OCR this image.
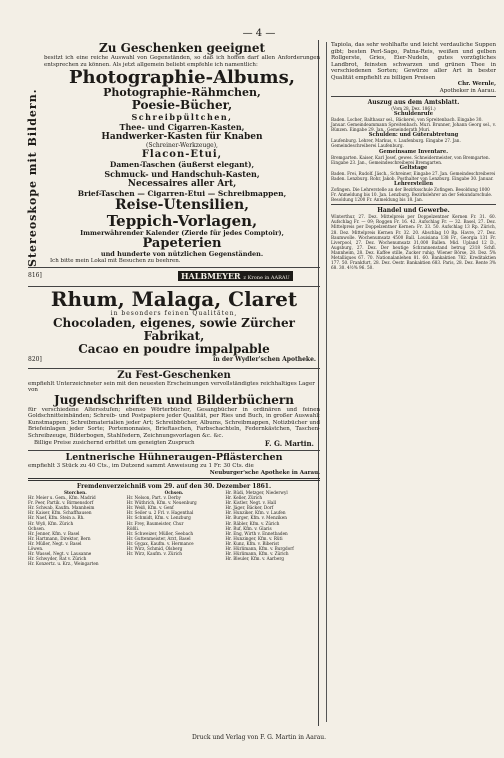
— 4 —
Stereoskope mit Bildern.
Zu Geschenken geeignet
besitzt ich eine reiche Auswahl von Gegenständen, so daß ich hoffen darf allen Anforderungen entsprechen zu können. Als jetzt allgemein beliebt empfehle ich namentlich:
Photographie-Albums,
Photographie-Rähmchen,
Poesie-Bücher,
Schreibpültchen,
Thee- und Cigarren-Kasten,
Handwerker-Kasten für Knaben
(Schreiner-Werkzeuge),
Flacon-Etui,
Damen-Taschen (äußerst elegant),
Schmuck- und Handschuh-Kasten,
Necessaires aller Art,
Brief-Taschen — Cigarren-Etui — Schreibmappen,
Reise-Utensilien,
Teppich-Vorlagen,
Immerwährender Kalender (Zierde für jedes Comptoir),
Papeterien
und hunderte von nützlichen Gegenständen.
Ich bitte mein Lokal mit Besuchen zu beehren.
816]	HALBMEYER z Krone in AARAU
Rhum, Malaga, Claret
in besonders feinen Qualitäten,
Chocoladen, eigenes, sowie Zürcher Fabrikat,
Cacao en poudre impalpable
820]	in der Wydler'schen Apotheke.
Zu Fest-Geschenken
empfiehlt Unterzeichneter sein mit den neuesten Erscheinungen vervollständigtes reichhaltiges Lager von
Jugendschriften und Bilderbüchern
für verschiedene Altersstufen; ebenso Wörterbücher, Gesangbücher in ordinären und feinen Goldschnitteinbänden; Schreib- und Postpapiere jeder Qualität, per Ries und Buch, in großer Auswahl; Kunstmappen; Schreibmaterialien jeder Art; Schreibbücher, Albums, Schreibmappen, Notizbücher und Briefeinlagen jeder Sorte; Portemonnaies, Brieftaschen, Farbschachteln, Federnkästchen, Taschen-Schreibzeuge, Bilderbogen, Stahlfedern, Zeichnungsvorlagen &c. &c.
Billige Preise zusichernd erbittet um geneigten Zuspruch	F. G. Martin.
Lentnerische Hühneraugen-Pflästerchen
empfiehlt 3 Stück zu 40 Cts., im Dutzend sammt Anweisung zu 1 Fr. 30 Cts. die
Neuburger'sche Apotheke in Aarau.
Fremdenverzeichniß vom 29. auf den 30. Dezember 1861.
Storchen.
Hr. Meier u. Gem., Kfm. Madrid
Fr. Peer, Partik. v. Birmensdorf
Hr. Schwab, Kaufm. Mannheim
Hr. Kaiser, Kfm. Schaffhausen
Hr. Naef, Kfm. Stein a. Rh.
Hr. Wyß, Kfm. Zürich
Ochsen.
Hr. Jenner, Kfm. v. Basel
Hr. Hartmann, Direktor, Bern
Hr. Müller, Negt. v. Basel
Löwen.
Hr. Wassel, Negt. v. Lausanne
Hr. Schwyder, Rat v. Zürich
Hr. Konzertz. u. Krz., Weingarten
Ochsen.
Hr. Nelson, Part. v. Derby
Hr. Wüthrich, Kfm. v. Neuenburg
Hr. Weiß, Kfm. v. Genf
Hr. Seiler u. 2 Frl. v. Hagenthal
Hr. Schmidt, Kfm. v. Lenzburg
Hr. Frey, Baumeister, Chur
Rößli.
Hr. Schweizer, Müller, Seebach
Hr. Guttenmeister, Arzt, Basel
Hr. Gygax, Kaufm. v. Hermance
Hr. Wirz, Schmid, Olsberg
Hr. Wirz, Kaufm. v. Zürich
Hr. Rüdi, Metzger, Niederwyl
Hr. Keller, Zürich
Hr. Kistler, Negt. v. Hall
Hr. Jäger, Bäcker, Dorf
Hr. Hunziker, Kfm. v. Laufen
Hr. Burger, Kfm. v. Menziken
Hr. Räbler, Kfm. v. Zürich
Hr. Ruf, Kfm. v. Glaris
Hr. Eng, Wirth v. Ennetbaden
Hr. Hunzinger, Kfm. v. Rüti
Hr. Kunz, Kfm. v. Biberist
Hr. Hürlimann, Kfm. v. Burgdorf
Hr. Hürlimann, Kfm. v. Zürich
Hr. Bleuler, Kfm. v. Aarberg
Tapiola, das sehr wohlhafte und leicht verdauliche Suppen gibt; besten Perl-Sago, Patna-Reis, weißen und gelben Rollgerste, Gries, Eier-Nudeln, gutes vorzügliches Landbrot, feinsten schwarzen und grünen Thee in verschiedenen Sorten; Gewürze aller Art in bester Qualität empfiehlt zu billigen Preisen
Chr. Wernle,
Apotheker in Aarau.
Auszug aus dem Amtsblatt.
(Vom 28. Dez. 1861.)
Schuldenrufe
Baden. Locher, Balthasar sel., Bäckerei, von Spreitenbach. Eingabe 30. Januar. Gemeindeammann Spreitenbach. Muri. Brunner, Johann Georg sel., v. Bünzen. Eingabe 29. Jan., Gemeinderath Muri.
Schulden: und Güterabtretung
Laufenburg. Lehrer, Markus, v. Laufenburg. Eingabe 27. Jan. Gemeindeschreiberei Laufenburg.
Gemeinsame Inventare.
Bremgarten. Kaiser, Karl Josef, gewes. Schneidermeister, von Bremgarten. Eingabe 23. Jan., Gemeindeschreiberei Bremgarten.
Geltstage
Baden. Frei, Rudolf. Jäsch., Schreiner, Eingabe 27. Jan. Gemeindeschreiberei Baden. Lenzburg. Rohr, Jakob, Posthalter von Lenzburg. Eingabe 30. Januar.
Lehrerstellen
Zofingen. Die Lehrerstelle an der Bezirksschule Zofingen. Besoldung 1000 Fr. Anmeldung bis 10. Jan. Lenzburg. Bezirkslehrer an der Sekundarschule. Besoldung 1200 Fr. Anmeldung bis 18. Jan.
Handel und Gewerbe.
Winterthur, 27. Dez. Mittelpreis per Doppelzentner Kernen Fr. 31. 60. Aufschlag Fr. — 09; Roggen Fr. 16. 42. Aufschlag Fr. — 32. Basel, 27. Dez. Mittelpreis per Doppelzentner Kernen: Fr. 33. 50. Aufschlag 13 Rp. Zürich, 28. Dez. Mittelpreis Kernen Fr. 32. 20. Abschlag 10 Rp. Havre, 27. Dez. Baumwolle. Wochenumsatz 4500 Ball. Louisiana 138 Fr., Georgia 131 Fr. Liverpool, 27. Dez. Wochenumsatz 31,000 Ballen. Mid. Upland 12 D., Augsburg, 27. Dez. Der heutige Schrannenstand betrug 2318 Schfl. Mannheim, 28. Dez. Kaffee stille, Zucker ruhig. Wiener Börse, 28. Dez. 5% Metalliques 67. 70. Nationalanlehen 81. 60. Bankaktien 782. Kreditaktien 177. 50. Frankfurt, 28. Dez. Oestr. Bankaktien 683. Paris, 28. Dez. Rente 3% 68. 30. 4½% 96. 50.
Druck und Verlag von F. G. Martin in Aarau.
